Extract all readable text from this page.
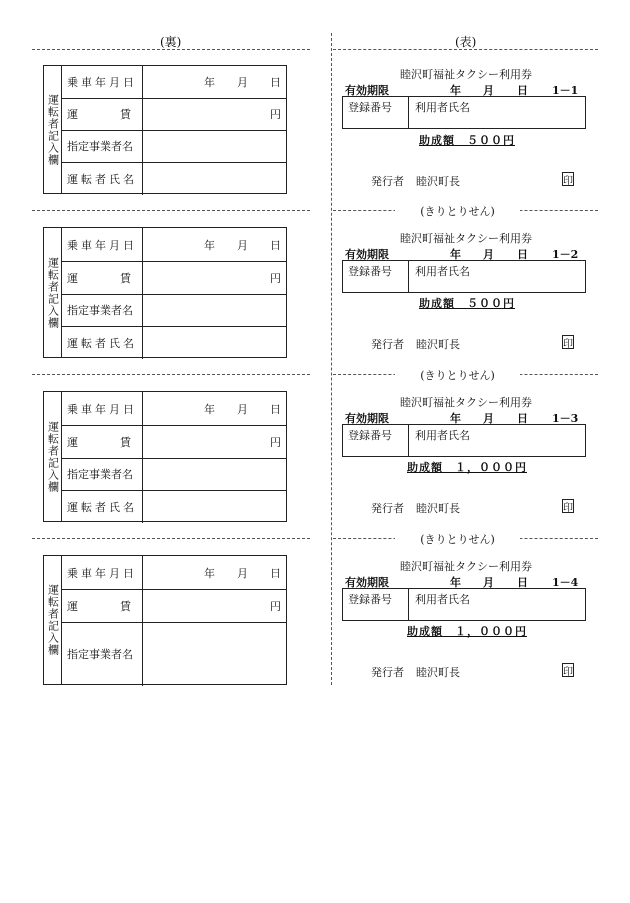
(裏)	(表)
(きりとりせん)
(きりとりせん)
(きりとりせん)
運転者記入欄
乗車年月日	年 月 日
運	賃	円
指定事業者名
運転者氏名
運転者記入欄
乗車年月日	年 月 日
運	賃	円
指定事業者名
運転者氏名
運転者記入欄
乗車年月日	年 月 日
運	賃	円
指定事業者名
運転者氏名
運転者記入欄
乗車年月日	年 月 日
運	賃	円
指定事業者名
睦沢町福祉タクシー利用券
有効期限	年 月 日 1－1
登録番号	利用者氏名
助成額　５００円
発行者 睦沢町長	印
睦沢町福祉タクシー利用券
有効期限	年 月 日 1－2
登録番号	利用者氏名
助成額　５００円
発行者 睦沢町長	印
睦沢町福祉タクシー利用券
有効期限	年 月 日 1－3
登録番号	利用者氏名
助成額　１，０００円
発行者 睦沢町長	印
睦沢町福祉タクシー利用券
有効期限	年 月 日 1－4
登録番号	利用者氏名
助成額　１，０００円
発行者 睦沢町長	印
